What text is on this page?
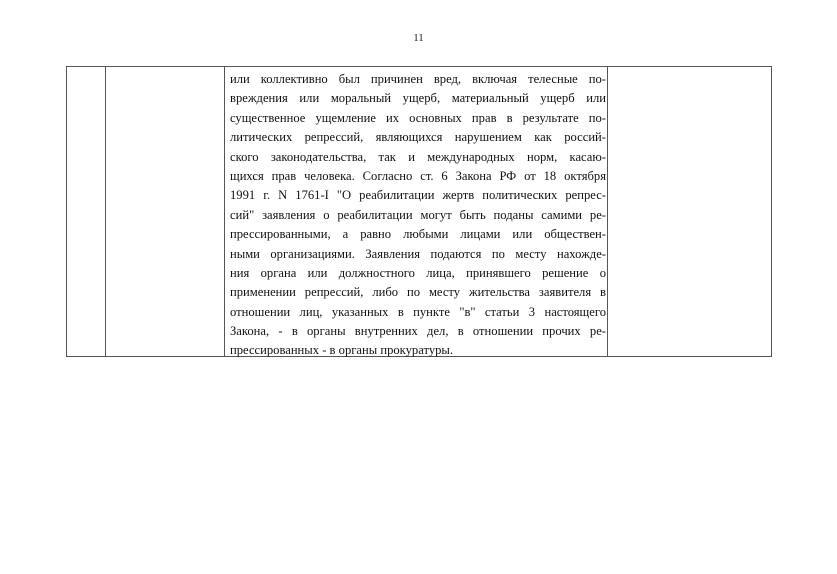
11
или коллективно был причинен вред, включая телесные по-
вреждения или моральный ущерб, материальный ущерб или
существенное ущемление их основных прав в результате по-
литических репрессий, являющихся нарушением как россий-
ского законодательства, так и международных норм, касаю-
щихся прав человека. Согласно ст. 6 Закона РФ от 18 октября
1991 г. N 1761-I "О реабилитации жертв политических репрес-
сий" заявления о реабилитации могут быть поданы самими ре-
прессированными, а равно любыми лицами или обществен-
ными организациями. Заявления подаются по месту нахожде-
ния органа или должностного лица, принявшего решение о
применении репрессий, либо по месту жительства заявителя в
отношении лиц, указанных в пункте "в" статьи 3 настоящего
Закона, - в органы внутренних дел, в отношении прочих ре-
прессированных - в органы прокуратуры.
